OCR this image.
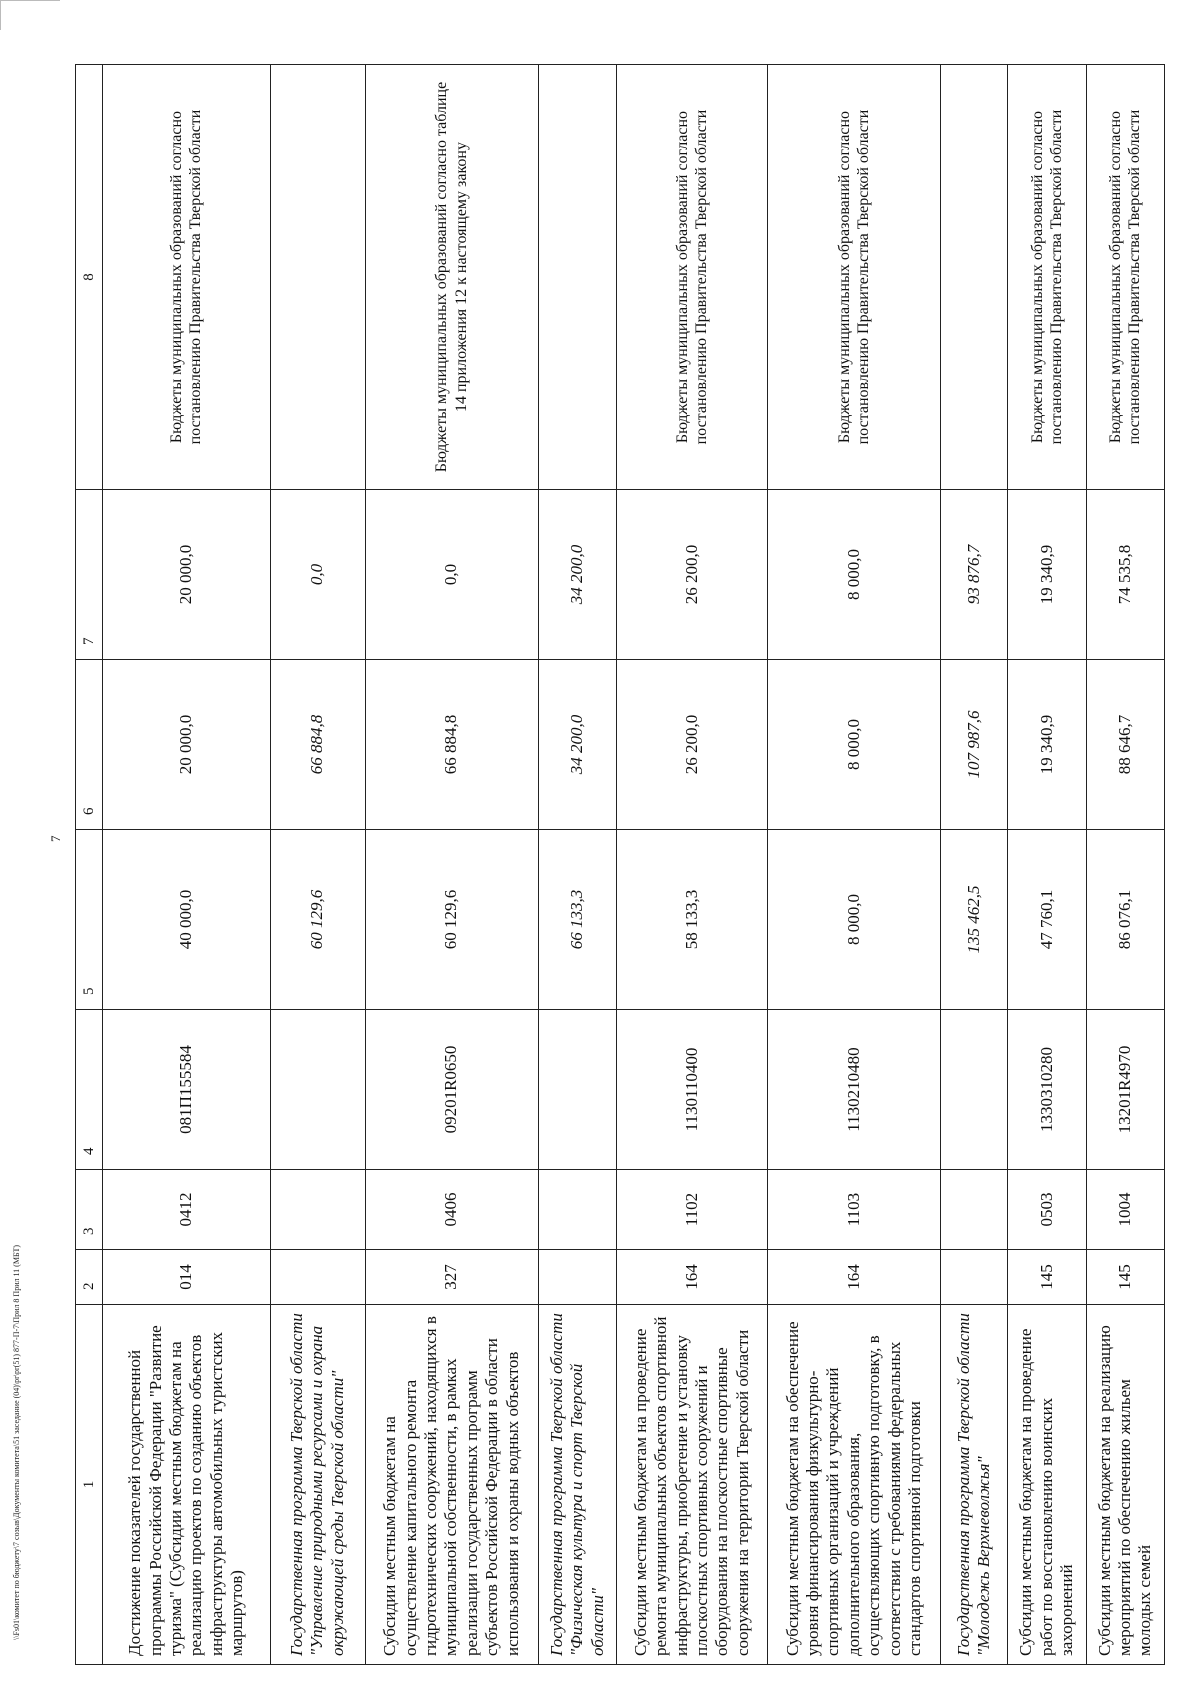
7
1	2	3	4	5	6	7	8
Достижение показателей государственной программы Российской Федерации "Развитие туризма" (Субсидии местным бюджетам на реализацию проектов по созданию объектов инфраструктуры автомобильных туристских маршрутов)	014	0412	081П155584	40 000,0	20 000,0	20 000,0	Бюджеты муниципальных образований согласно постановлению Правительства Тверской области
Государственная программа Тверской области "Управление природными ресурсами и охрана окружающей среды Тверской области"				60 129,6	66 884,8	0,0	
Субсидии местным бюджетам на осуществление капитального ремонта гидротехнических сооружений, находящихся в муниципальной собственности, в рамках реализации государственных программ субъектов Российской Федерации в области использования и охраны водных объектов	327	0406	09201R0650	60 129,6	66 884,8	0,0	Бюджеты муниципальных образований согласно таблице 14 приложения 12 к настоящему закону
Государственная программа Тверской области "Физическая культура и спорт Тверской области"				66 133,3	34 200,0	34 200,0	
Субсидии местным бюджетам на проведение ремонта муниципальных объектов спортивной инфраструктуры, приобретение и установку плоскостных спортивных сооружений и оборудования на плоскостные спортивные сооружения на территории Тверской области	164	1102	1130110400	58 133,3	26 200,0	26 200,0	Бюджеты муниципальных образований согласно постановлению Правительства Тверской области
Субсидии местным бюджетам на обеспечение уровня финансирования физкультурно-спортивных организаций и учреждений дополнительного образования, осуществляющих спортивную подготовку, в соответствии с требованиями федеральных стандартов спортивной подготовки	164	1103	1130210480	8 000,0	8 000,0	8 000,0	Бюджеты муниципальных образований согласно постановлению Правительства Тверской области
Государственная программа Тверской области "Молодежь Верхневолжья"				135 462,5	107 987,6	93 876,7	
Субсидии местным бюджетам на проведение работ по восстановлению воинских захоронений	145	0503	1330310280	47 760,1	19 340,9	19 340,9	Бюджеты муниципальных образований согласно постановлению Правительства Тверской области
Субсидии местным бюджетам на реализацию мероприятий по обеспечению жильем молодых семей	145	1004	13201R4970	86 076,1	88 646,7	74 535,8	Бюджеты муниципальных образований согласно постановлению Правительства Тверской области
\\Fs01\комитет по бюджету\7 созыв\Документы комитета\51 заседание (04)\pr\pr(51) 877-П-7\Прил 8 Прил 11 (МБТ)
